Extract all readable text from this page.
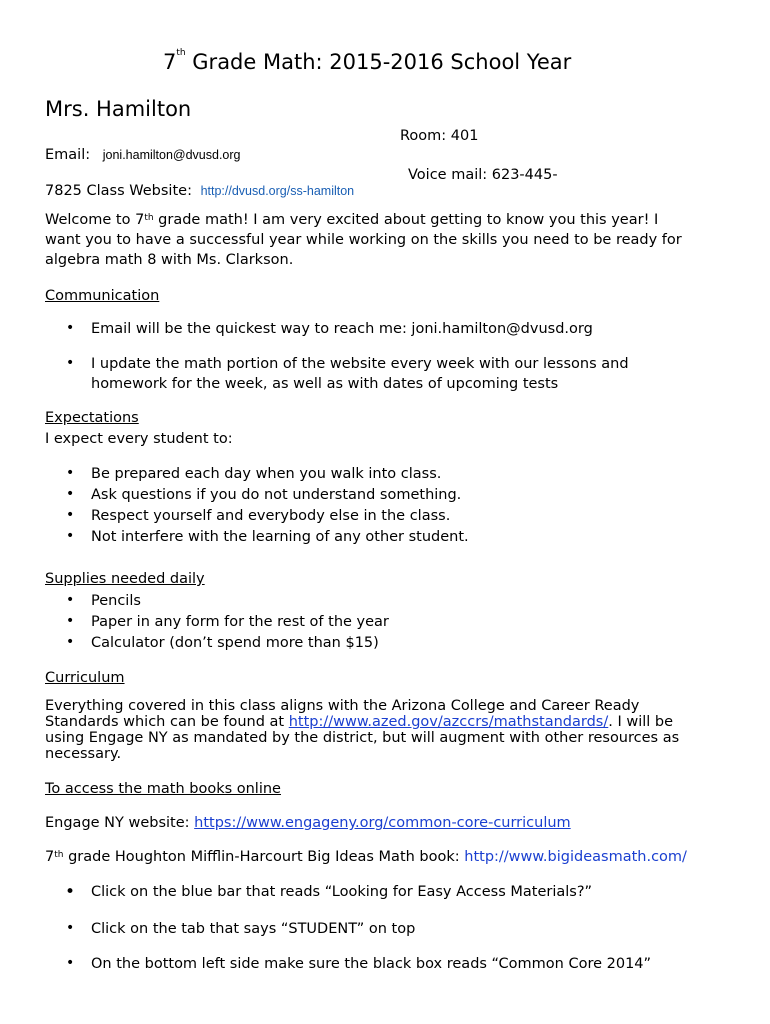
7th Grade Math: 2015-2016 School Year
Mrs. Hamilton
Room: 401
Email: joni.hamilton@dvusd.org
Voice mail: 623-445-
7825 Class Website: http://dvusd.org/ss-hamilton
Welcome to 7th grade math! I am very excited about getting to know you this year! I
want you to have a successful year while working on the skills you need to be ready for
algebra math 8 with Ms. Clarkson.
Communication
• Email will be the quickest way to reach me: joni.hamilton@dvusd.org
• I update the math portion of the website every week with our lessons and
homework for the week, as well as with dates of upcoming tests
Expectations
I expect every student to:
• Be prepared each day when you walk into class.
• Ask questions if you do not understand something.
• Respect yourself and everybody else in the class.
• Not interfere with the learning of any other student.
Supplies needed daily
• Pencils
• Paper in any form for the rest of the year
• Calculator (don’t spend more than $15)
Curriculum
Everything covered in this class aligns with the Arizona College and Career Ready
Standards which can be found at http://www.azed.gov/azccrs/mathstandards/. I will be
using Engage NY as mandated by the district, but will augment with other resources as
necessary.
To access the math books online
Engage NY website: https://www.engageny.org/common-core-curriculum
7th grade Houghton Mifflin-Harcourt Big Ideas Math book: http://www.bigideasmath.com/
• Click on the blue bar that reads “Looking for Easy Access Materials?”
• Click on the tab that says “STUDENT” on top
• On the bottom left side make sure the black box reads “Common Core 2014”
